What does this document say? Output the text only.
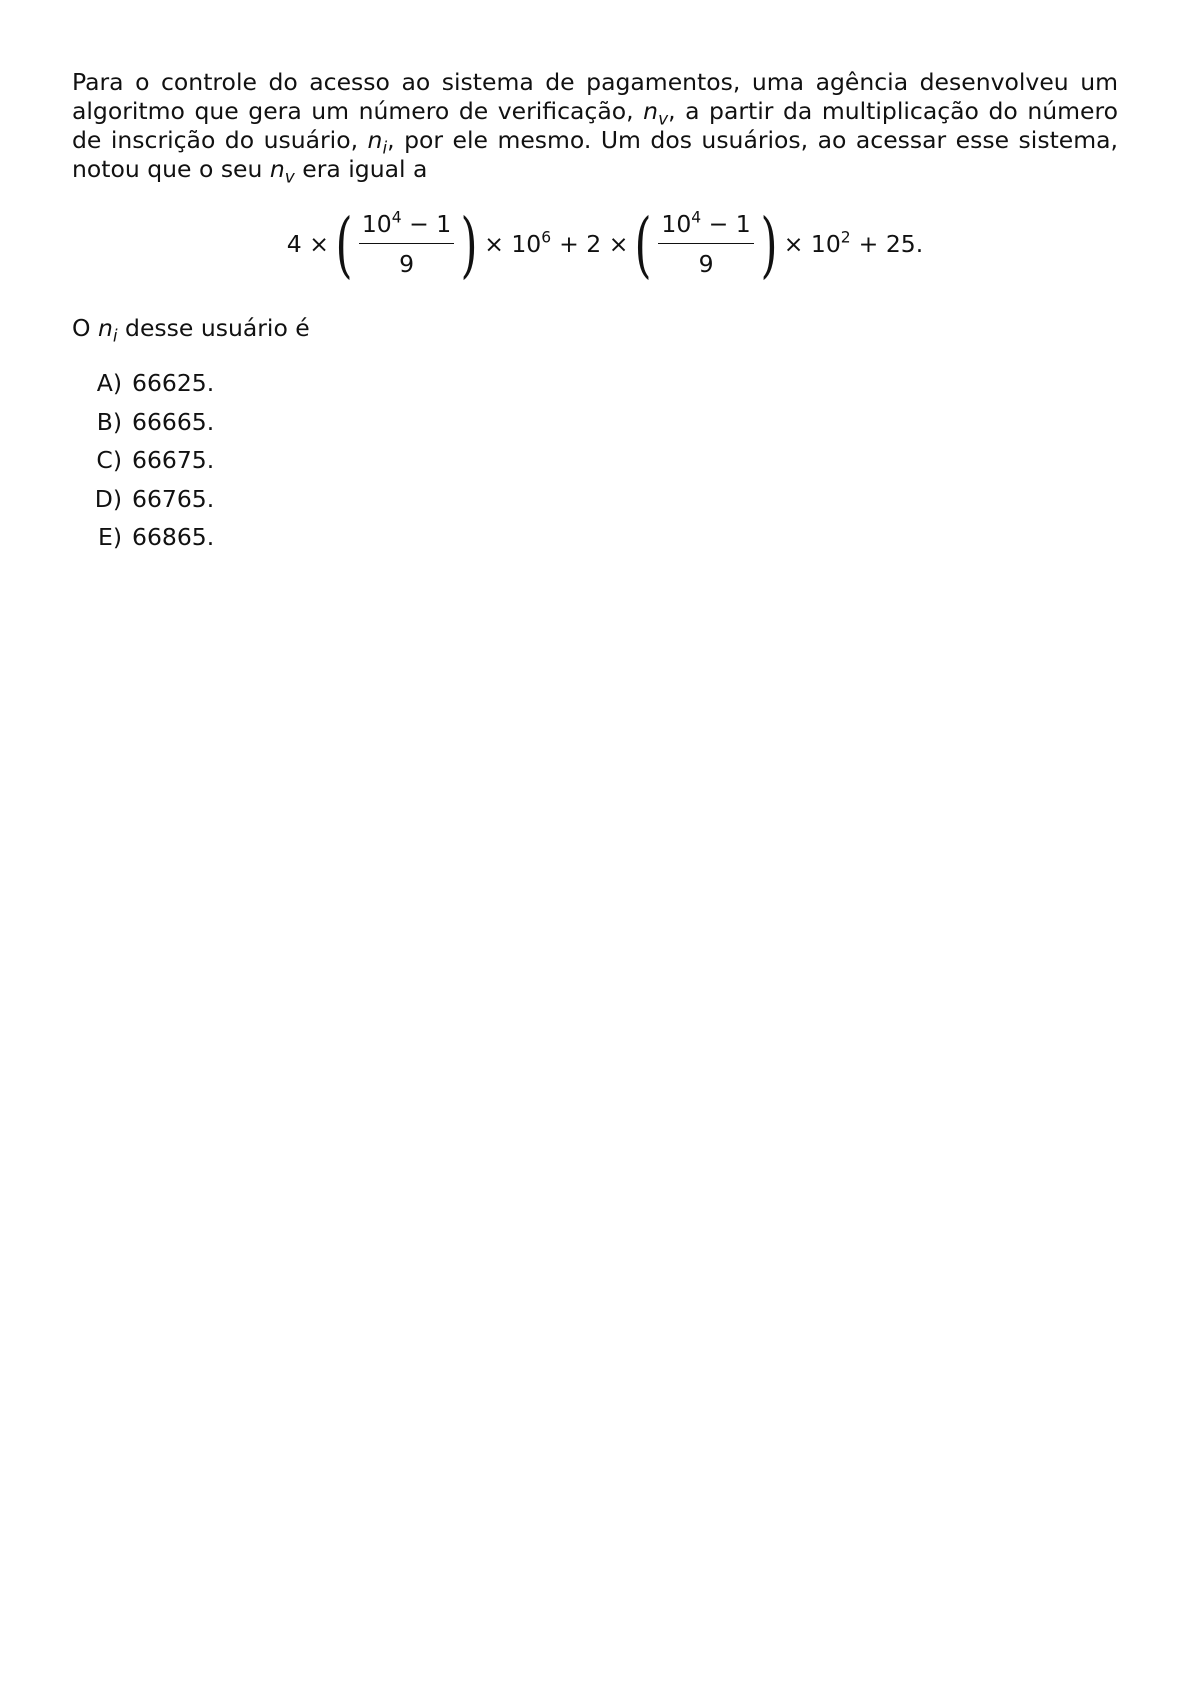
Para o controle do acesso ao sistema de pagamentos, uma agência desenvolveu um algoritmo que gera um número de verificação, $n_v$, a partir da multiplicação do número de inscrição do usuário, $n_i$, por ele mesmo. Um dos usuários, ao acessar esse sistema, notou que o seu $n_v$ era igual a

4 × ( $\frac{10^4 - 1}{9}$ ) × $10^6 + 2$ × ( $\frac{10^4 - 1}{9}$ ) × $10^2 + 25$.
O $n_i$ desse usuário é
A) 66625.
B) 66665.
C) 66675.
D) 66765.
E) 66865.
